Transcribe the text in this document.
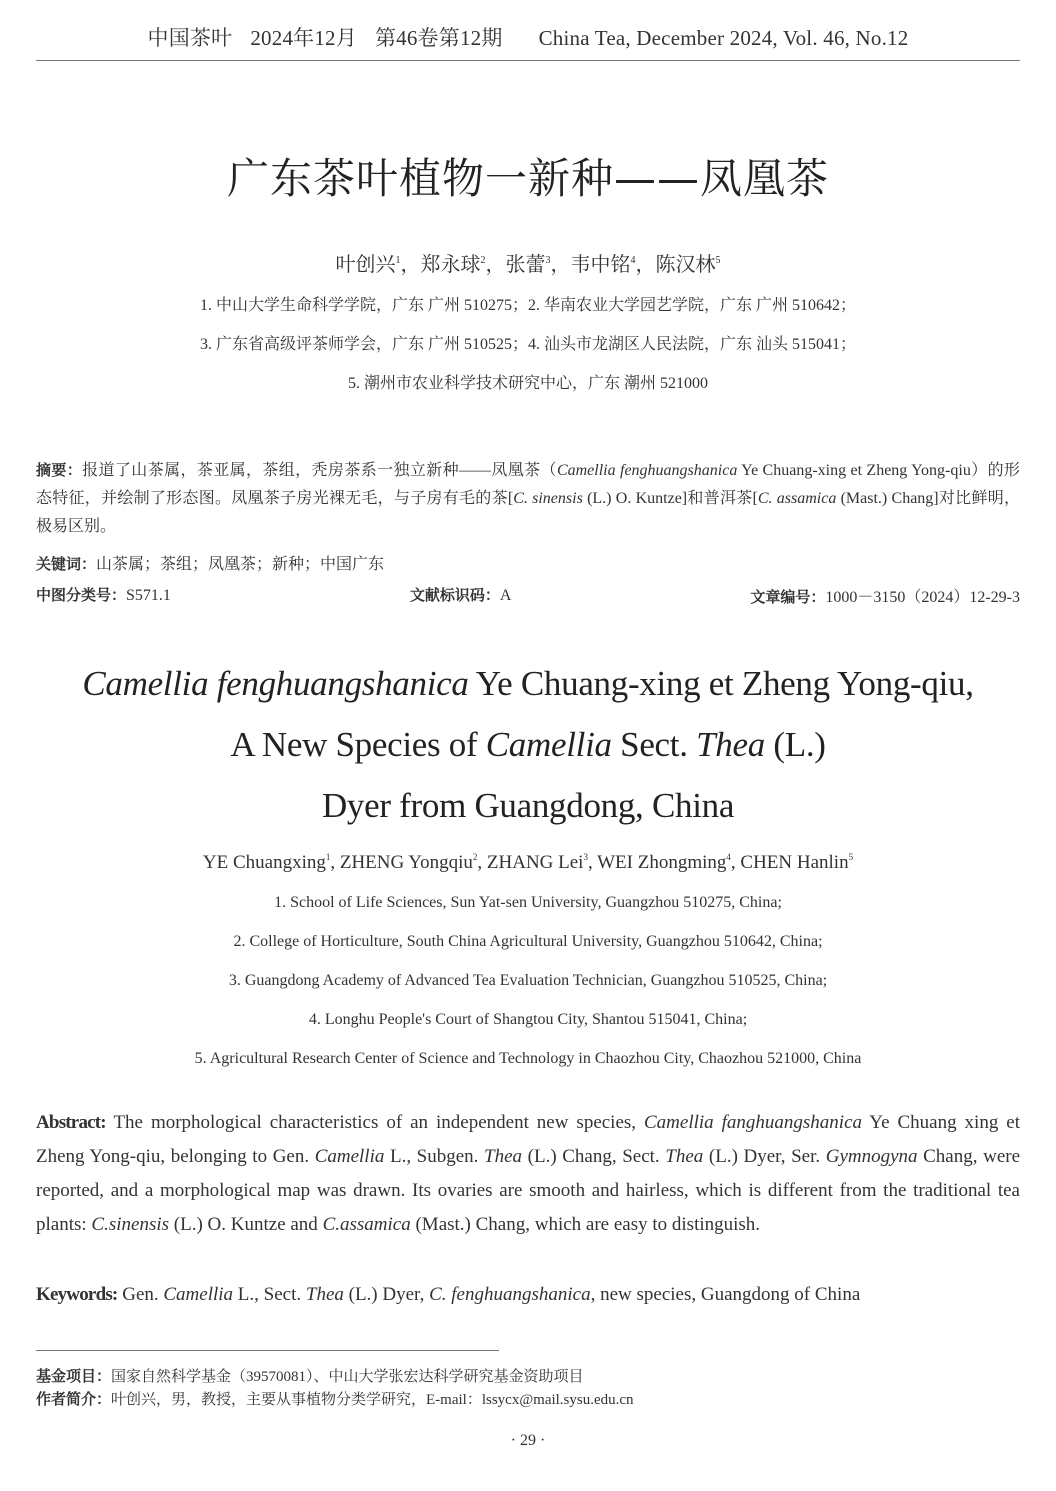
中国茶叶 2024年12月 第46卷第12期 China Tea, December 2024, Vol. 46, No.12
广东茶叶植物一新种——凤凰茶
叶创兴$^1$，郑永球$^2$，张蕾$^3$，韦中铭$^4$，陈汉林$^5$
1. 中山大学生命科学学院，广东 广州 510275；2. 华南农业大学园艺学院，广东 广州 510642；
3. 广东省高级评茶师学会，广东 广州 510525；4. 汕头市龙湖区人民法院，广东 汕头 515041；
5. 潮州市农业科学技术研究中心，广东 潮州 521000
摘要：报道了山茶属，茶亚属，茶组，秃房茶系一独立新种——凤凰茶（Camellia fenghuangshanica Ye Chuang-xing et Zheng Yong-qiu）的形态特征，并绘制了形态图。凤凰茶子房光裸无毛，与子房有毛的茶[C. sinensis (L.) O. Kuntze]和普洱茶[C. assamica (Mast.) Chang]对比鲜明，极易区别。
关键词：山茶属；茶组；凤凰茶；新种；中国广东
中图分类号：S571.1	文献标识码：A	文章编号：1000－3150（2024）12-29-3
Camellia fenghuangshanica Ye Chuang-xing et Zheng Yong-qiu,
A New Species of Camellia Sect. Thea (L.)
Dyer from Guangdong, China
YE Chuangxing$^1$, ZHENG Yongqiu$^2$, ZHANG Lei$^3$, WEI Zhongming$^4$, CHEN Hanlin$^5$
1. School of Life Sciences, Sun Yat-sen University, Guangzhou 510275, China;
2. College of Horticulture, South China Agricultural University, Guangzhou 510642, China;
3. Guangdong Academy of Advanced Tea Evaluation Technician, Guangzhou 510525, China;
4. Longhu People's Court of Shangtou City, Shantou 515041, China;
5. Agricultural Research Center of Science and Technology in Chaozhou City, Chaozhou 521000, China
Abstract: The morphological characteristics of an independent new species, Camellia fanghuangshanica Ye Chuang xing et Zheng Yong-qiu, belonging to Gen. Camellia L., Subgen. Thea (L.) Chang, Sect. Thea (L.) Dyer, Ser. Gymnogyna Chang, were reported, and a morphological map was drawn. Its ovaries are smooth and hairless, which is different from the traditional tea plants: C.sinensis (L.) O. Kuntze and C.assamica (Mast.) Chang, which are easy to distinguish.
Keywords: Gen. Camellia L., Sect. Thea (L.) Dyer, C. fenghuangshanica, new species, Guangdong of China
基金项目：国家自然科学基金（39570081）、中山大学张宏达科学研究基金资助项目
作者简介：叶创兴，男，教授，主要从事植物分类学研究，E-mail：lssycx@mail.sysu.edu.cn
· 29 ·
